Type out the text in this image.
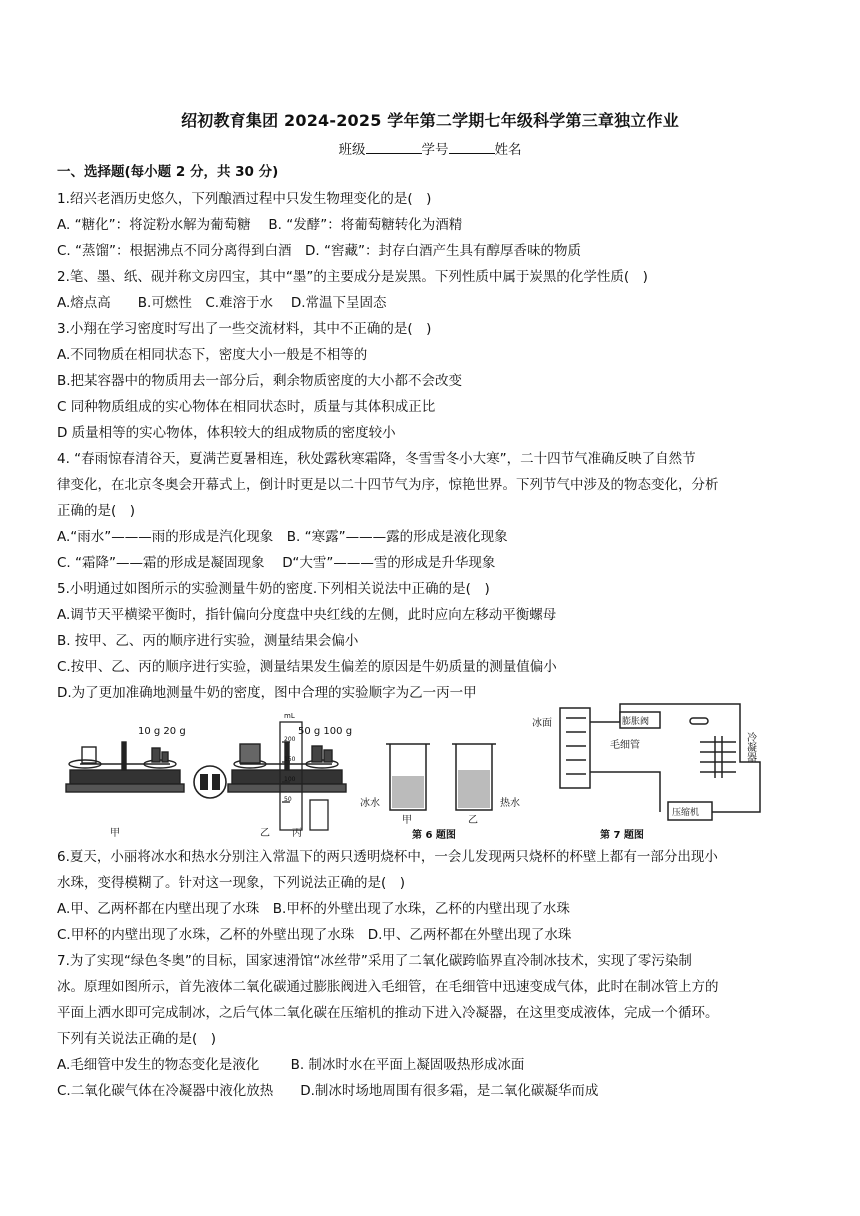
绍初教育集团 2024-2025 学年第二学期七年级科学第三章独立作业
班级	学号	姓名
一、选择题(每小题 2 分，共 30 分)
1.绍兴老酒历史悠久，下列酿酒过程中只发生物理变化的是(　)
A. “糖化”：将淀粉水解为葡萄糖　 B. “发酵”：将葡萄糖转化为酒精
C. “蒸馏”：根据沸点不同分离得到白酒　D. “窖藏”：封存白酒产生具有醇厚香味的物质
2.笔、墨、纸、砚并称文房四宝，其中“墨”的主要成分是炭黑。下列性质中属于炭黑的化学性质(　)
A.熔点高　　B.可燃性　C.难溶于水　 D.常温下呈固态
3.小翔在学习密度时写出了一些交流材料，其中不正确的是(　)
A.不同物质在相同状态下，密度大小一般是不相等的
B.把某容器中的物质用去一部分后，剩余物质密度的大小都不会改变
C 同种物质组成的实心物体在相同状态时，质量与其体积成正比
D 质量相等的实心物体，体积较大的组成物质的密度较小
4. “春雨惊春清谷天，夏满芒夏暑相连，秋处露秋寒霜降，冬雪雪冬小大寒”，二十四节气准确反映了自然节
律变化，在北京冬奥会开幕式上，倒计时更是以二十四节气为序，惊艳世界。下列节气中涉及的物态变化，分析
正确的是(　)
A.“雨水”———雨的形成是汽化现象　B. “寒露”———露的形成是液化现象
C. “霜降”——霜的形成是凝固现象　 D“大雪”———雪的形成是升华现象
5.小明通过如图所示的实验测量牛奶的密度.下列相关说法中正确的是(　)
A.调节天平横梁平衡时，指针偏向分度盘中央红线的左侧，此时应向左移动平衡螺母
B. 按甲、乙、丙的顺序进行实验，测量结果会偏小
C.按甲、乙、丙的顺序进行实验，测量结果发生偏差的原因是牛奶质量的测量值偏小
D.为了更加准确地测量牛奶的密度，图中合理的实验顺字为乙一丙一甲
10 g 20 g
甲
50 g 100 g
乙
mL
200
150
100
50
丙
冰水	热水
甲	乙
第 6 题图
冰面	膨胀阀
毛细管	冷凝器
压缩机
第 7 题图
6.夏天，小丽将冰水和热水分别注入常温下的两只透明烧杯中，一会儿发现两只烧杯的杯壁上都有一部分出现小
水珠，变得模糊了。针对这一现象，下列说法正确的是(　)
A.甲、乙两杯都在内壁出现了水珠　B.甲杯的外壁出现了水珠，乙杯的内壁出现了水珠
C.甲杯的内壁出现了水珠，乙杯的外壁出现了水珠　D.甲、乙两杯都在外壁出现了水珠
7.为了实现“绿色冬奥”的目标，国家速滑馆“冰丝带”采用了二氧化碳跨临界直冷制冰技术，实现了零污染制
冰。原理如图所示，首先液体二氧化碳通过膨胀阀进入毛细管，在毛细管中迅速变成气体，此时在制冰管上方的
平面上洒水即可完成制冰，之后气体二氧化碳在压缩机的推动下进入冷凝器，在这里变成液体，完成一个循环。
下列有关说法正确的是(　)
A.毛细管中发生的物态变化是液化　　 B. 制冰时水在平面上凝固吸热形成冰面
C.二氧化碳气体在冷凝器中液化放热　　D.制冰时场地周围有很多霜，是二氧化碳凝华而成
